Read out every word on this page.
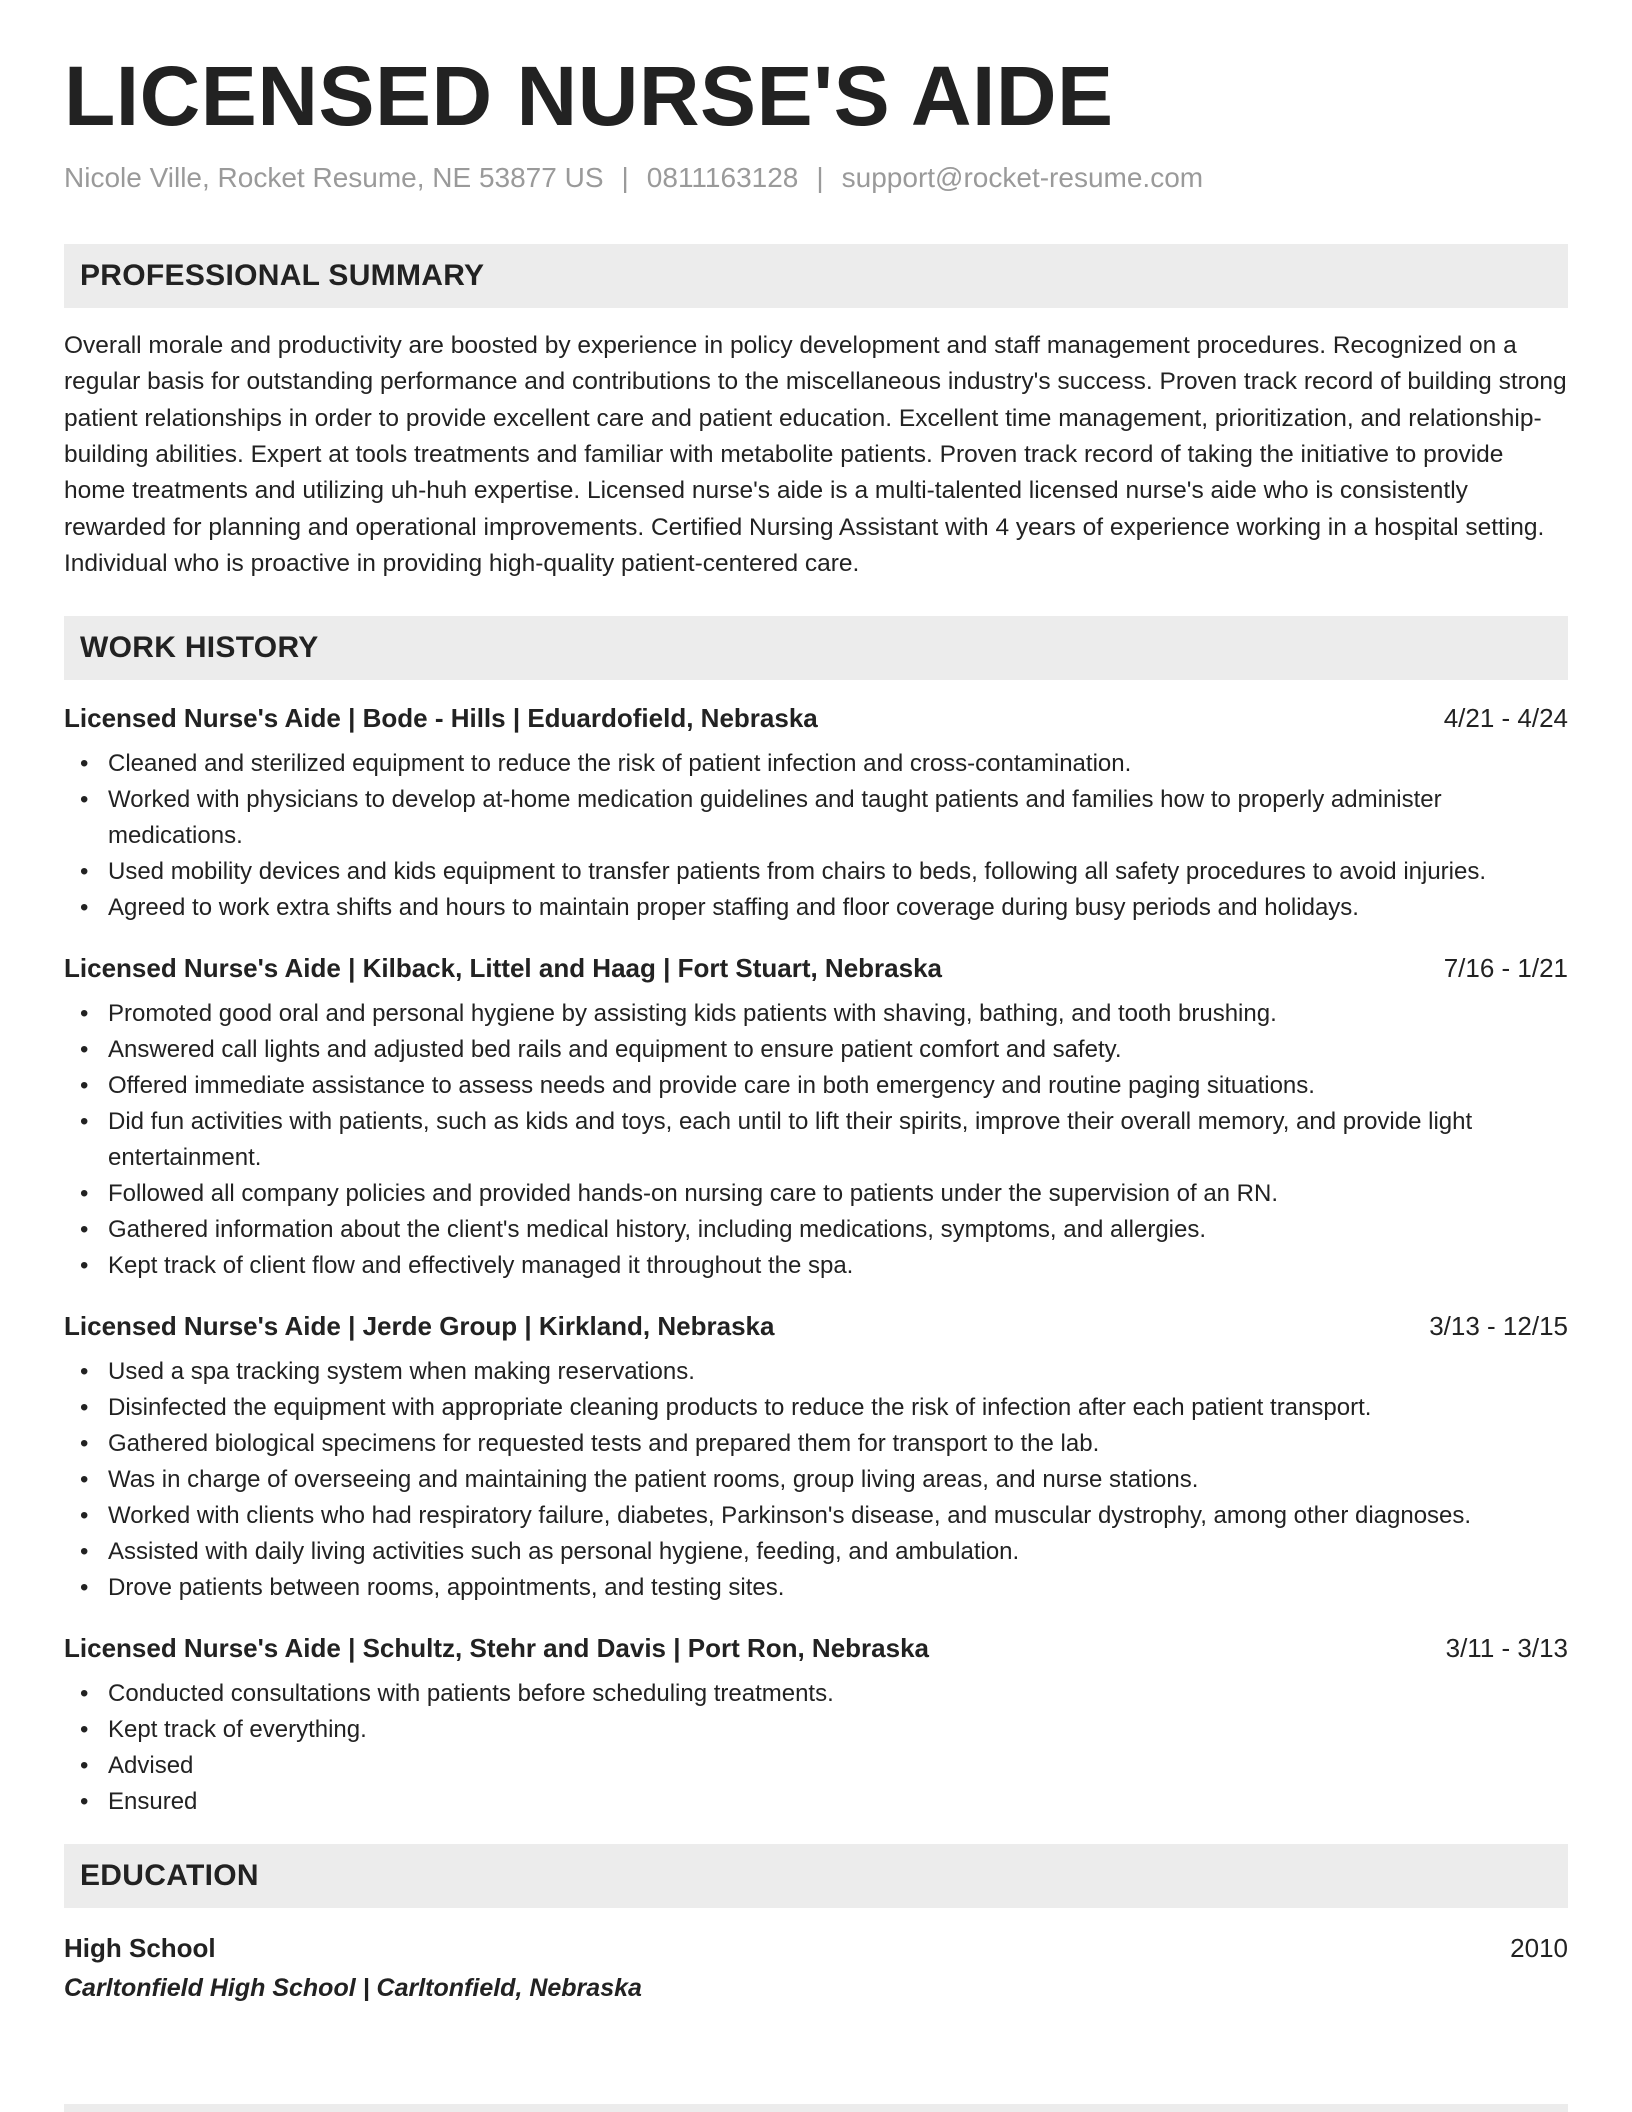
LICENSED NURSE'S AIDE
Nicole Ville, Rocket Resume, NE 53877 US | 0811163128 | support@rocket-resume.com
PROFESSIONAL SUMMARY

Overall morale and productivity are boosted by experience in policy development and staff management procedures. Recognized on a regular basis for outstanding performance and contributions to the miscellaneous industry's success. Proven track record of building strong patient relationships in order to provide excellent care and patient education. Excellent time management, prioritization, and relationship-building abilities. Expert at tools treatments and familiar with metabolite patients. Proven track record of taking the initiative to provide home treatments and utilizing uh-huh expertise. Licensed nurse's aide is a multi-talented licensed nurse's aide who is consistently rewarded for planning and operational improvements. Certified Nursing Assistant with 4 years of experience working in a hospital setting. Individual who is proactive in providing high-quality patient-centered care.

WORK HISTORY
Licensed Nurse's Aide | Bode - Hills | Eduardofield, Nebraska	4/21 - 4/24
• Cleaned and sterilized equipment to reduce the risk of patient infection and cross-contamination.
• Worked with physicians to develop at-home medication guidelines and taught patients and families how to properly administer medications.
• Used mobility devices and kids equipment to transfer patients from chairs to beds, following all safety procedures to avoid injuries.
• Agreed to work extra shifts and hours to maintain proper staffing and floor coverage during busy periods and holidays.
Licensed Nurse's Aide | Kilback, Littel and Haag | Fort Stuart, Nebraska	7/16 - 1/21
• Promoted good oral and personal hygiene by assisting kids patients with shaving, bathing, and tooth brushing.
• Answered call lights and adjusted bed rails and equipment to ensure patient comfort and safety.
• Offered immediate assistance to assess needs and provide care in both emergency and routine paging situations.
• Did fun activities with patients, such as kids and toys, each until to lift their spirits, improve their overall memory, and provide light entertainment.
• Followed all company policies and provided hands-on nursing care to patients under the supervision of an RN.
• Gathered information about the client's medical history, including medications, symptoms, and allergies.
• Kept track of client flow and effectively managed it throughout the spa.
Licensed Nurse's Aide | Jerde Group | Kirkland, Nebraska	3/13 - 12/15
• Used a spa tracking system when making reservations.
• Disinfected the equipment with appropriate cleaning products to reduce the risk of infection after each patient transport.
• Gathered biological specimens for requested tests and prepared them for transport to the lab.
• Was in charge of overseeing and maintaining the patient rooms, group living areas, and nurse stations.
• Worked with clients who had respiratory failure, diabetes, Parkinson's disease, and muscular dystrophy, among other diagnoses.
• Assisted with daily living activities such as personal hygiene, feeding, and ambulation.
• Drove patients between rooms, appointments, and testing sites.
Licensed Nurse's Aide | Schultz, Stehr and Davis | Port Ron, Nebraska	3/11 - 3/13
• Conducted consultations with patients before scheduling treatments.
• Kept track of everything.
• Advised
• Ensured
EDUCATION
High School	2010
Carltonfield High School | Carltonfield, Nebraska
